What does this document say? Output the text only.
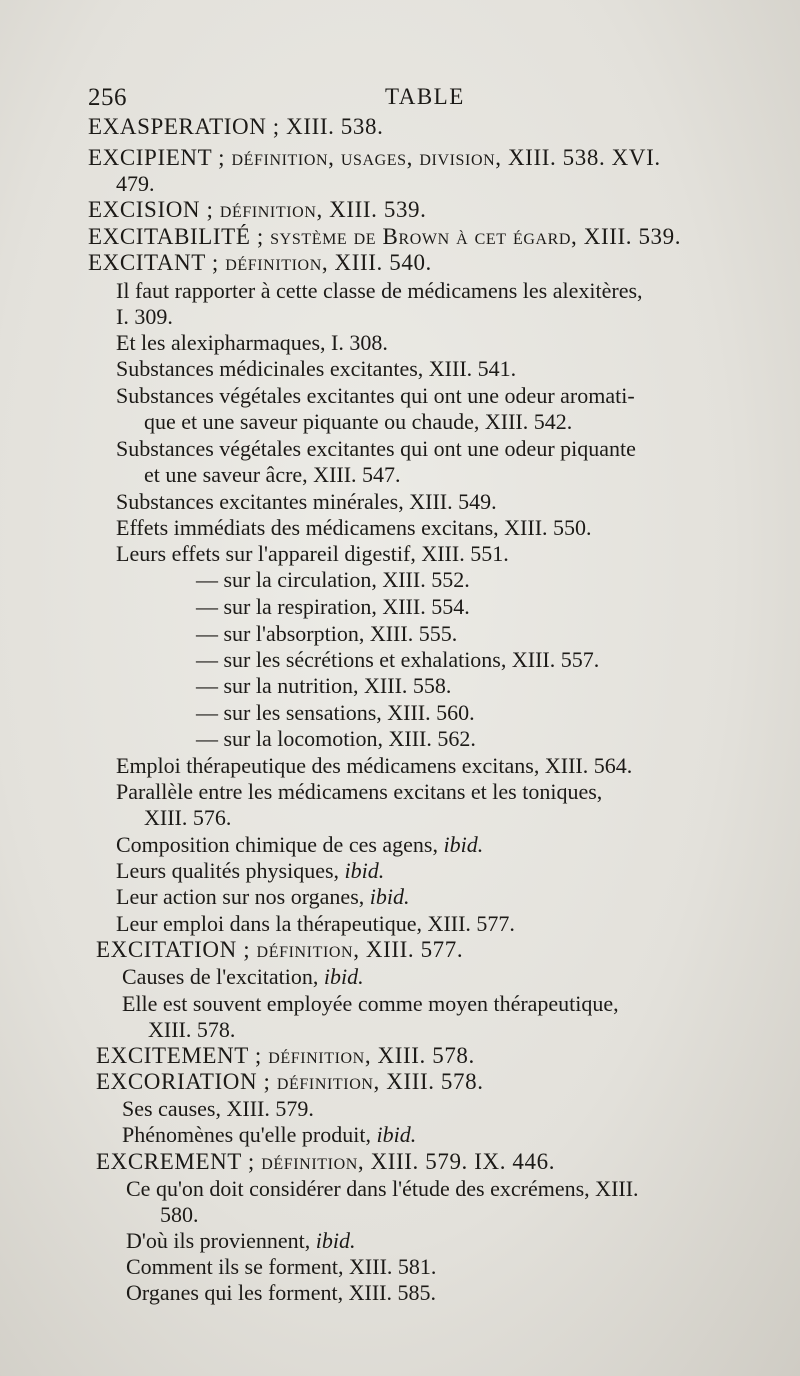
256	TABLE
EXASPERATION ; XIII. 538.
EXCIPIENT ; définition, usages, division, XIII. 538. XVI.
479.
EXCISION ; définition, XIII. 539.
EXCITABILITÉ ; système de Brown à cet égard, XIII. 539.
EXCITANT ; définition, XIII. 540.
Il faut rapporter à cette classe de médicamens les alexitères,
I. 309.
Et les alexipharmaques, I. 308.
Substances médicinales excitantes, XIII. 541.
Substances végétales excitantes qui ont une odeur aromati-
que et une saveur piquante ou chaude, XIII. 542.
Substances végétales excitantes qui ont une odeur piquante
et une saveur âcre, XIII. 547.
Substances excitantes minérales, XIII. 549.
Effets immédiats des médicamens excitans, XIII. 550.
Leurs effets sur l'appareil digestif, XIII. 551.
— sur la circulation, XIII. 552.
— sur la respiration, XIII. 554.
— sur l'absorption, XIII. 555.
— sur les sécrétions et exhalations, XIII. 557.
— sur la nutrition, XIII. 558.
— sur les sensations, XIII. 560.
— sur la locomotion, XIII. 562.
Emploi thérapeutique des médicamens excitans, XIII. 564.
Parallèle entre les médicamens excitans et les toniques,
XIII. 576.
Composition chimique de ces agens, ibid.
Leurs qualités physiques, ibid.
Leur action sur nos organes, ibid.
Leur emploi dans la thérapeutique, XIII. 577.
EXCITATION ; définition, XIII. 577.
Causes de l'excitation, ibid.
Elle est souvent employée comme moyen thérapeutique,
XIII. 578.
EXCITEMENT ; définition, XIII. 578.
EXCORIATION ; définition, XIII. 578.
Ses causes, XIII. 579.
Phénomènes qu'elle produit, ibid.
EXCREMENT ; définition, XIII. 579. IX. 446.
Ce qu'on doit considérer dans l'étude des excrémens, XIII.
580.
D'où ils proviennent, ibid.
Comment ils se forment, XIII. 581.
Organes qui les forment, XIII. 585.
